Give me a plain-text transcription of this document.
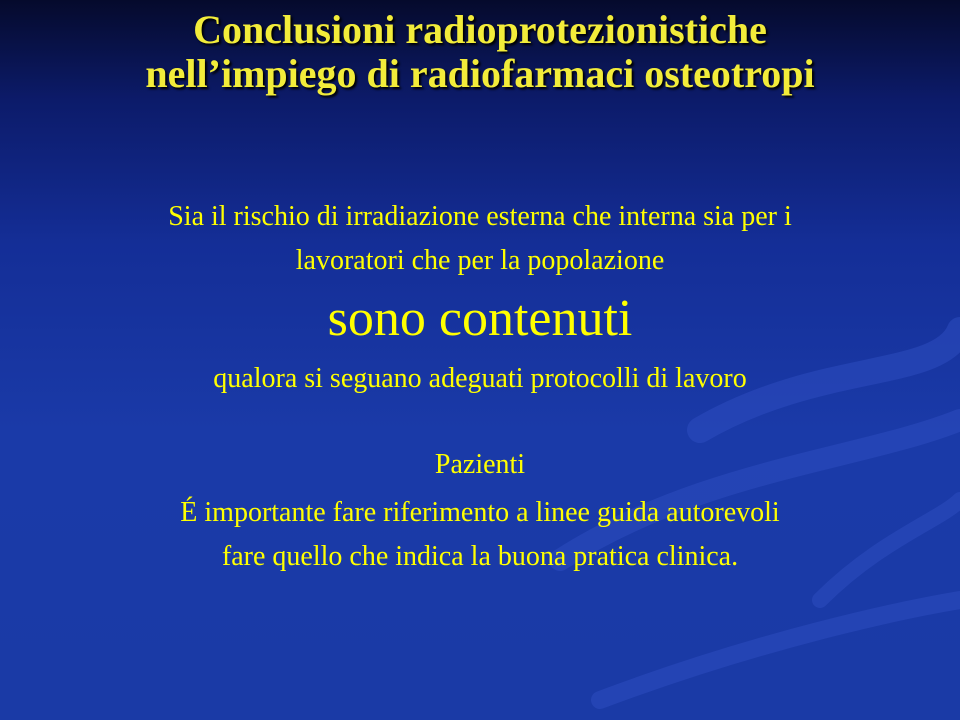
Conclusioni radioprotezionistiche
nell’impiego di radiofarmaci osteotropi
Sia il rischio di irradiazione esterna che interna sia per i
lavoratori che per la popolazione
sono contenuti
qualora si seguano adeguati protocolli di lavoro
Pazienti
É importante fare riferimento a linee guida autorevoli
fare quello che indica la buona pratica clinica.
